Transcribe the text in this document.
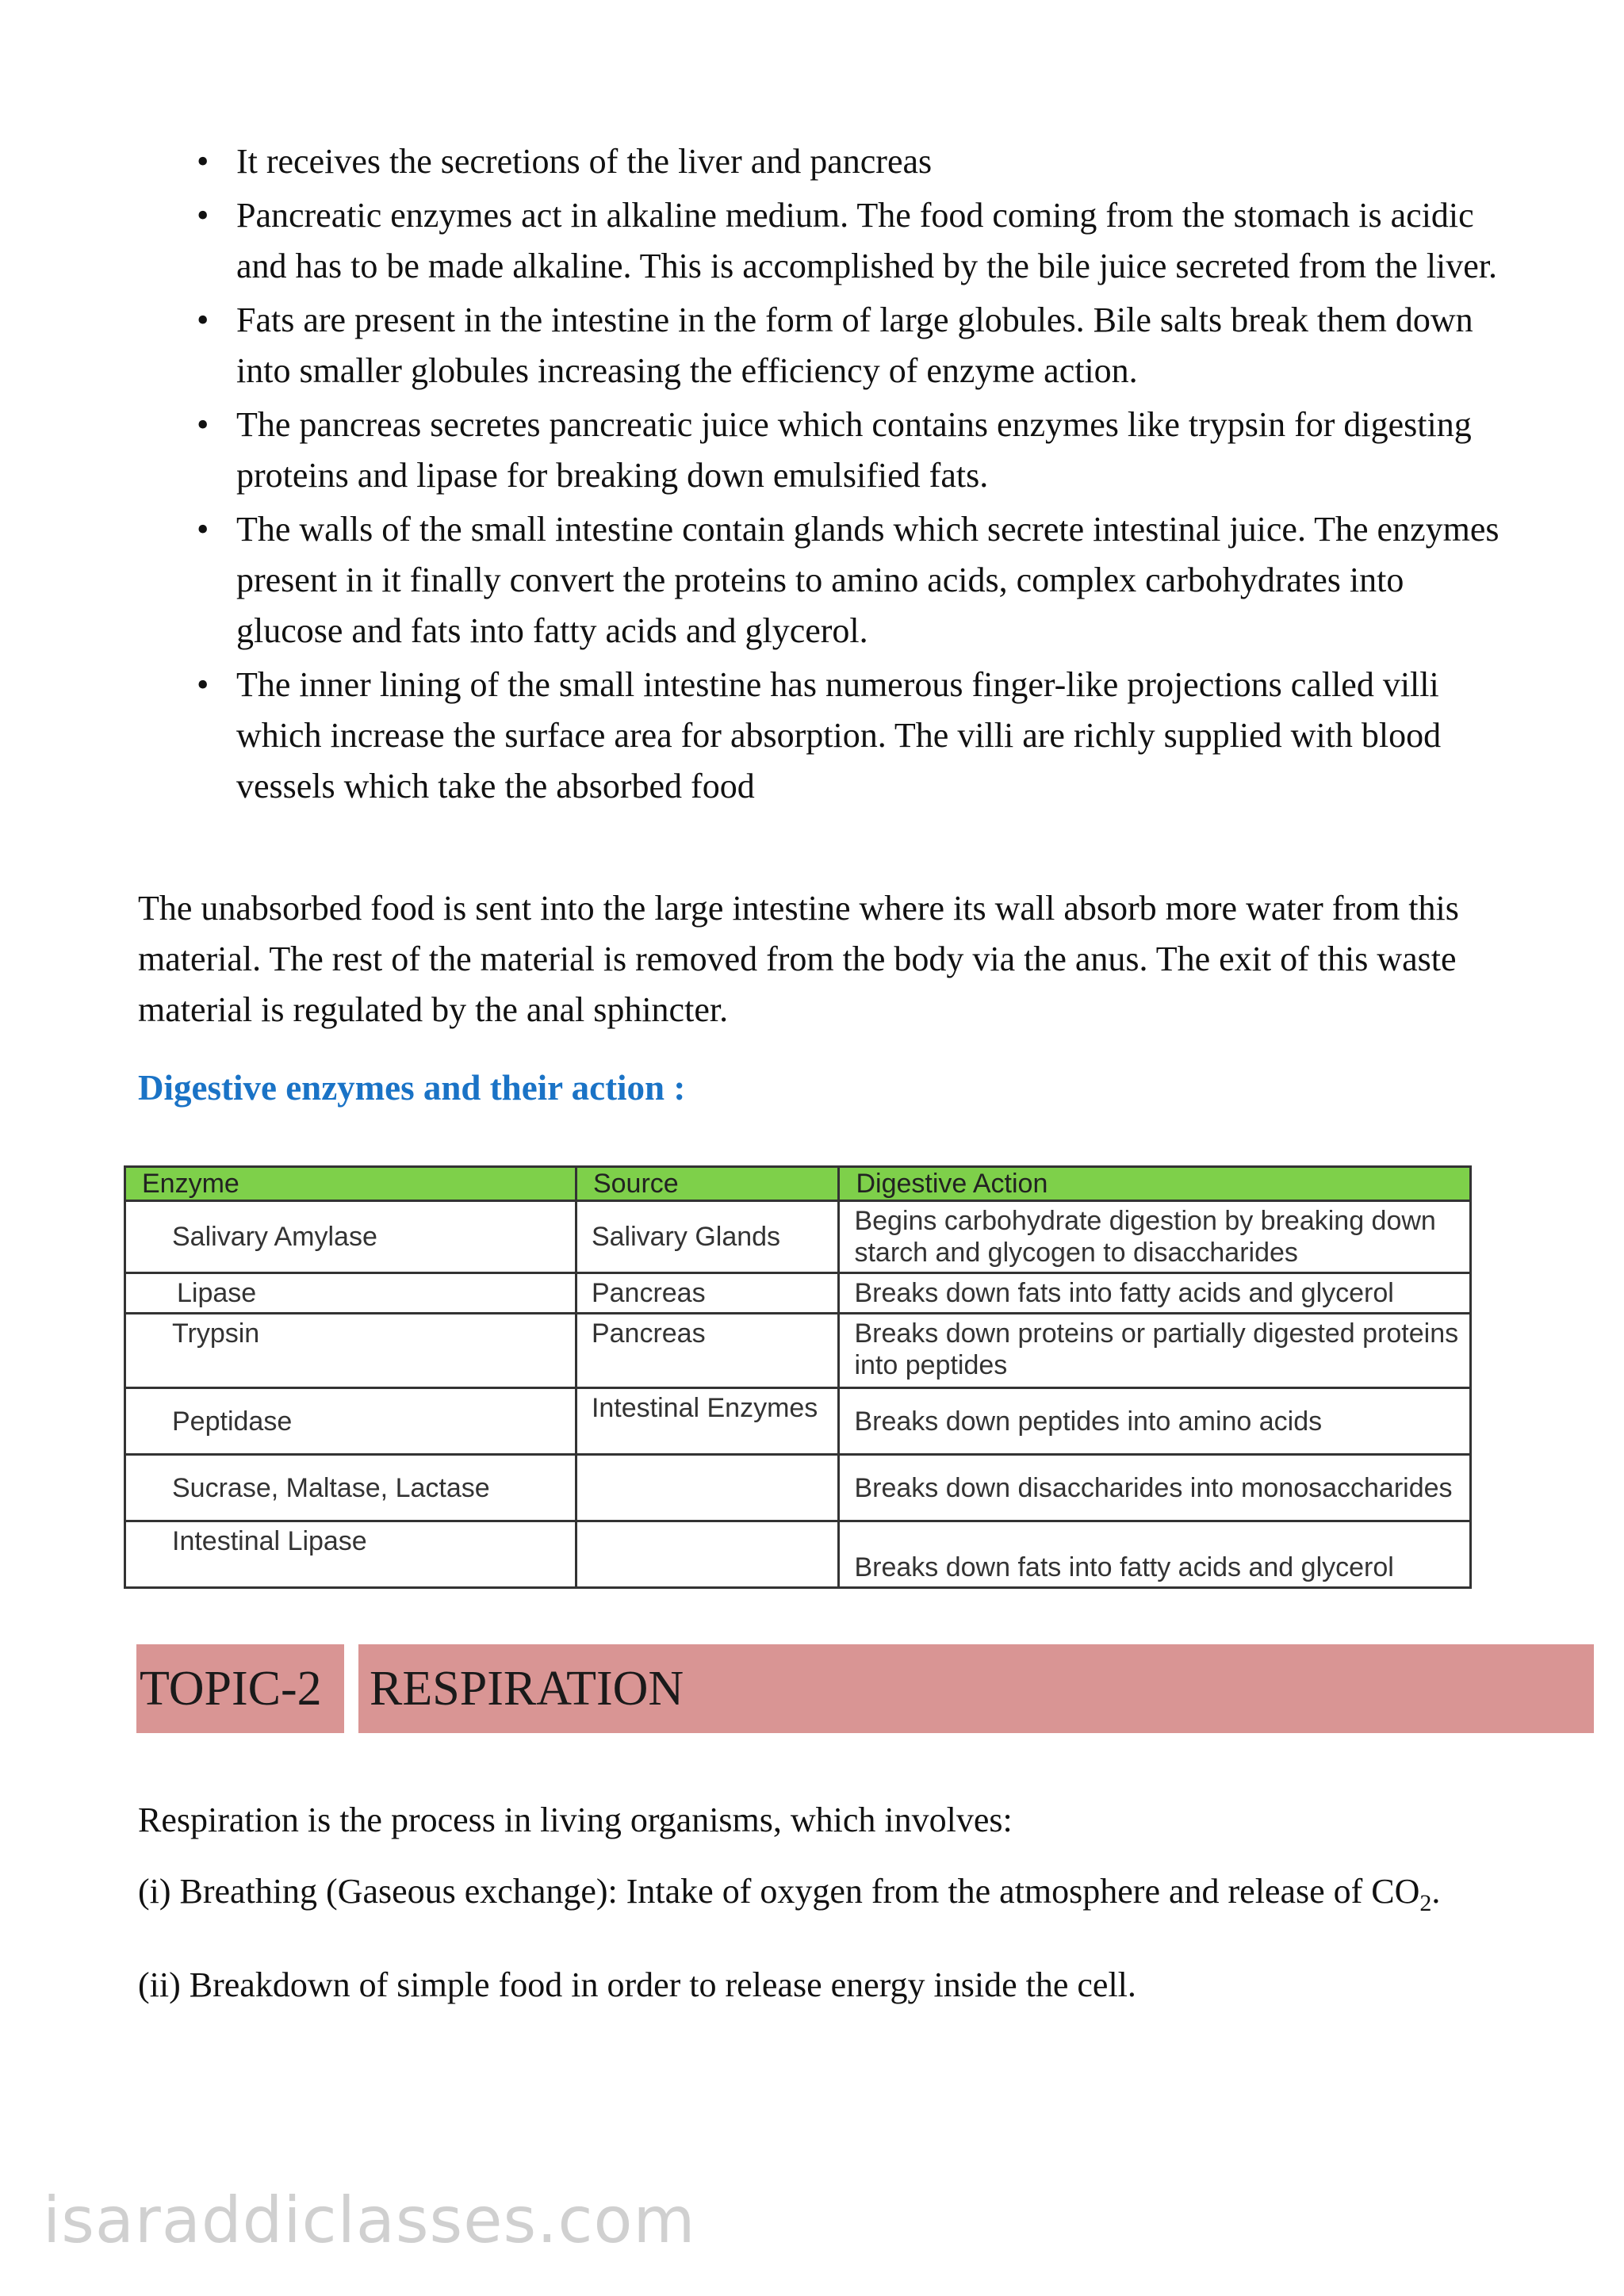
• It receives the secretions of the liver and pancreas
• Pancreatic enzymes act in alkaline medium. The food coming from the stomach is acidic and has to be made alkaline. This is accomplished by the bile juice secreted from the liver.
• Fats are present in the intestine in the form of large globules. Bile salts break them down into smaller globules increasing the efficiency of enzyme action.
• The pancreas secretes pancreatic juice which contains enzymes like trypsin for digesting proteins and lipase for breaking down emulsified fats.
• The walls of the small intestine contain glands which secrete intestinal juice. The enzymes present in it finally convert the proteins to amino acids, complex carbohydrates into glucose and fats into fatty acids and glycerol.
• The inner lining of the small intestine has numerous finger-like projections called villi which increase the surface area for absorption. The villi are richly supplied with blood vessels which take the absorbed food

The unabsorbed food is sent into the large intestine where its wall absorb more water from this material. The rest of the material is removed from the body via the anus. The exit of this waste material is regulated by the anal sphincter.

Digestive enzymes and their action :
Enzyme	Source	Digestive Action
Salivary Amylase	Salivary Glands	Begins carbohydrate digestion by breaking down starch and glycogen to disaccharides
Lipase	Pancreas	Breaks down fats into fatty acids and glycerol
Trypsin	Pancreas	Breaks down proteins or partially digested proteins into peptides
Peptidase	Intestinal Enzymes	Breaks down peptides into amino acids
Sucrase, Maltase, Lactase		Breaks down disaccharides into monosaccharides
Intestinal Lipase		Breaks down fats into fatty acids and glycerol
TOPIC-2 RESPIRATION

Respiration is the process in living organisms, which involves:

(i) Breathing (Gaseous exchange): Intake of oxygen from the atmosphere and release of $CO_2$.

(ii) Breakdown of simple food in order to release energy inside the cell.

isaraddiclasses.com
